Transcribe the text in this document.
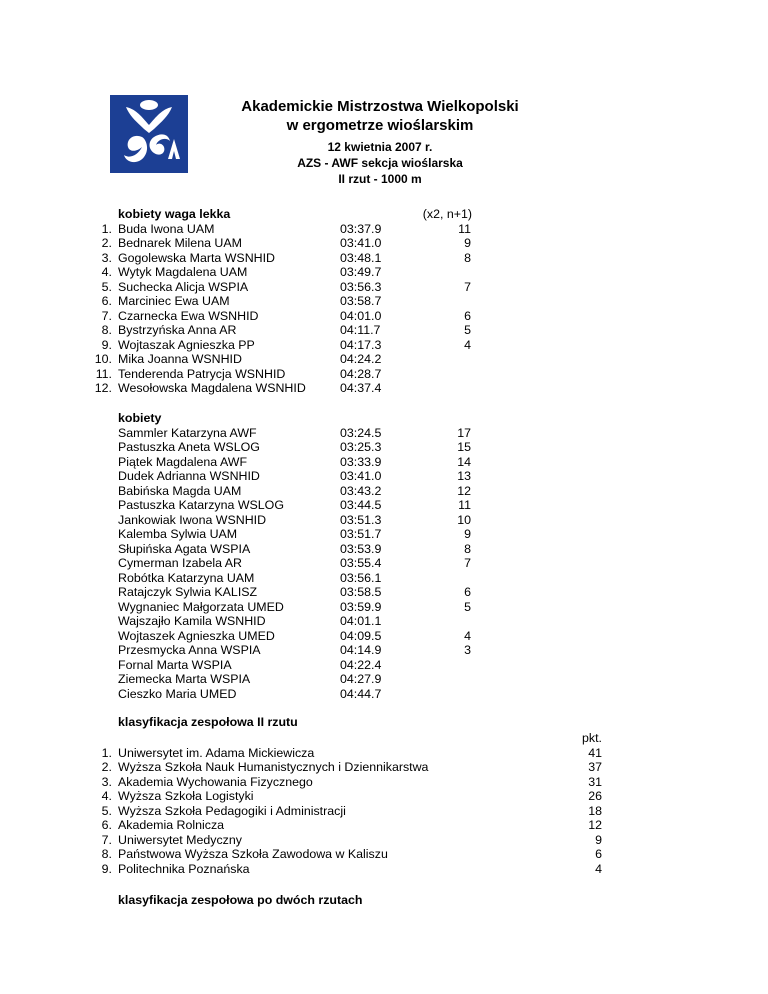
Akademickie Mistrzostwa Wielkopolski
w ergometrze wioślarskim
12 kwietnia 2007 r.
AZS - AWF sekcja wioślarska
II rzut - 1000 m
kobiety waga lekka	(x2, n+1)
1. Buda Iwona UAM	03:37.9	11
2. Bednarek Milena UAM	03:41.0	9
3. Gogolewska Marta WSNHID	03:48.1	8
4. Wytyk Magdalena UAM	03:49.7
5. Suchecka Alicja WSPIA	03:56.3	7
6. Marciniec Ewa UAM	03:58.7
7. Czarnecka Ewa WSNHID	04:01.0	6
8. Bystrzyńska Anna AR	04:11.7	5
9. Wojtaszak Agnieszka PP	04:17.3	4
10. Mika Joanna WSNHID	04:24.2
11. Tenderenda Patrycja WSNHID	04:28.7
12. Wesołowska Magdalena WSNHID	04:37.4
kobiety
Sammler Katarzyna AWF	03:24.5	17
Pastuszka Aneta WSLOG	03:25.3	15
Piątek Magdalena AWF	03:33.9	14
Dudek Adrianna WSNHID	03:41.0	13
Babińska Magda UAM	03:43.2	12
Pastuszka Katarzyna WSLOG	03:44.5	11
Jankowiak Iwona WSNHID	03:51.3	10
Kalemba Sylwia UAM	03:51.7	9
Słupińska Agata WSPIA	03:53.9	8
Cymerman Izabela AR	03:55.4	7
Robótka Katarzyna UAM	03:56.1
Ratajczyk Sylwia KALISZ	03:58.5	6
Wygnaniec Małgorzata UMED	03:59.9	5
Wajszajło Kamila WSNHID	04:01.1
Wojtaszek Agnieszka UMED	04:09.5	4
Przesmycka Anna WSPIA	04:14.9	3
Fornal Marta WSPIA	04:22.4
Ziemecka Marta WSPIA	04:27.9
Cieszko Maria UMED	04:44.7
klasyfikacja zespołowa II rzutu
pkt.
1. Uniwersytet im. Adama Mickiewicza	41
2. Wyższa Szkoła Nauk Humanistycznych i Dziennikarstwa	37
3. Akademia Wychowania Fizycznego	31
4. Wyższa Szkoła Logistyki	26
5. Wyższa Szkoła Pedagogiki i Administracji	18
6. Akademia Rolnicza	12
7. Uniwersytet Medyczny	9
8. Państwowa Wyższa Szkoła Zawodowa w Kaliszu	6
9. Politechnika Poznańska	4
klasyfikacja zespołowa po dwóch rzutach
